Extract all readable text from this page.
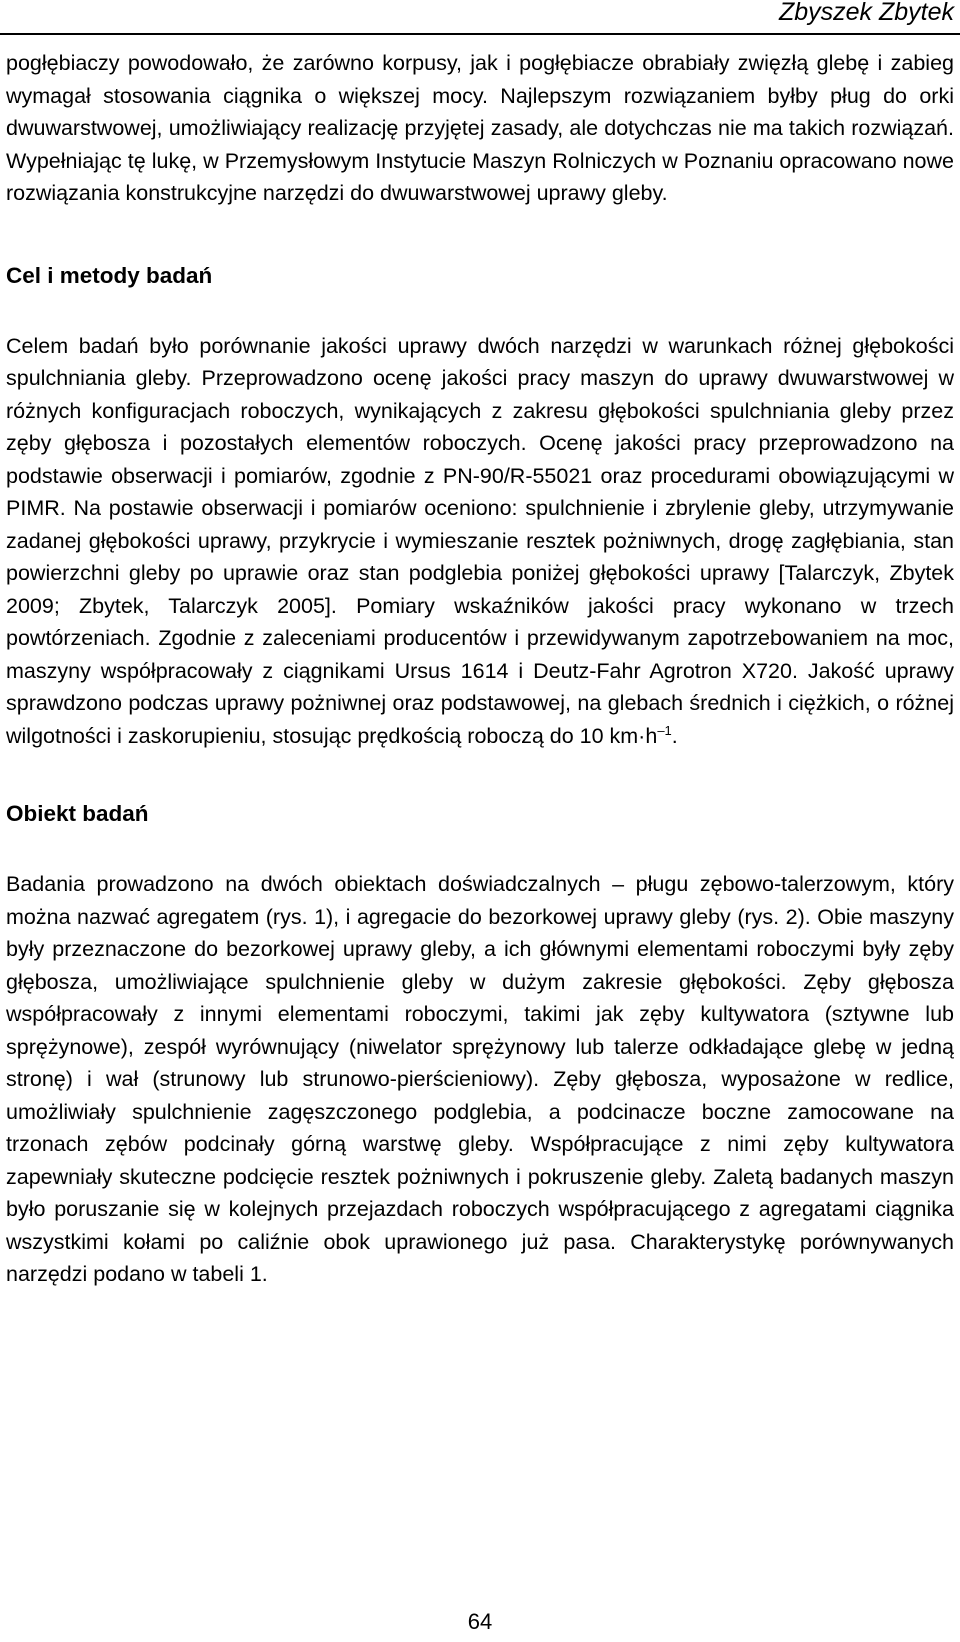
Zbyszek Zbytek

pogłębiaczy powodowało, że zarówno korpusy, jak i pogłębiacze obrabiały zwięzłą glebę i zabieg wymagał stosowania ciągnika o większej mocy. Najlepszym rozwiązaniem byłby pług do orki dwuwarstwowej, umożliwiający realizację przyjętej zasady, ale dotychczas nie ma takich rozwiązań. Wypełniając tę lukę, w Przemysłowym Instytucie Maszyn Rolniczych w Poznaniu opracowano nowe rozwiązania konstrukcyjne narzędzi do dwuwarstwowej uprawy gleby.

Cel i metody badań

Celem badań było porównanie jakości uprawy dwóch narzędzi w warunkach różnej głębokości spulchniania gleby. Przeprowadzono ocenę jakości pracy maszyn do uprawy dwuwarstwowej w różnych konfiguracjach roboczych, wynikających z zakresu głębokości spulchniania gleby przez zęby głębosza i pozostałych elementów roboczych. Ocenę jakości pracy przeprowadzono na podstawie obserwacji i pomiarów, zgodnie z PN-90/R-55021 oraz procedurami obowiązującymi w PIMR. Na postawie obserwacji i pomiarów oceniono: spulchnienie i zbrylenie gleby, utrzymywanie zadanej głębokości uprawy, przykrycie i wymieszanie resztek pożniwnych, drogę zagłębiania, stan powierzchni gleby po uprawie oraz stan podglebia poniżej głębokości uprawy [Talarczyk, Zbytek 2009; Zbytek, Talarczyk 2005]. Pomiary wskaźników jakości pracy wykonano w trzech powtórzeniach. Zgodnie z zaleceniami producentów i przewidywanym zapotrzebowaniem na moc, maszyny współpracowały z ciągnikami Ursus 1614 i Deutz-Fahr Agrotron X720. Jakość uprawy sprawdzono podczas uprawy pożniwnej oraz podstawowej, na glebach średnich i ciężkich, o różnej wilgotności i zaskorupieniu, stosując prędkością roboczą do 10 $km\cdot h^{-1}$.

Obiekt badań

Badania prowadzono na dwóch obiektach doświadczalnych – pługu zębowo-talerzowym, który można nazwać agregatem (rys. 1), i agregacie do bezorkowej uprawy gleby (rys. 2). Obie maszyny były przeznaczone do bezorkowej uprawy gleby, a ich głównymi elementami roboczymi były zęby głębosza, umożliwiające spulchnienie gleby w dużym zakresie głębokości. Zęby głębosza współpracowały z innymi elementami roboczymi, takimi jak zęby kultywatora (sztywne lub sprężynowe), zespół wyrównujący (niwelator sprężynowy lub talerze odkładające glebę w jedną stronę) i wał (strunowy lub strunowo-pierścieniowy). Zęby głębosza, wyposażone w redlice, umożliwiały spulchnienie zagęszczonego podglebia, a podcinacze boczne zamocowane na trzonach zębów podcinały górną warstwę gleby. Współpracujące z nimi zęby kultywatora zapewniały skuteczne podcięcie resztek pożniwnych i pokruszenie gleby. Zaletą badanych maszyn było poruszanie się w kolejnych przejazdach roboczych współpracującego z agregatami ciągnika wszystkimi kołami po caliźnie obok uprawionego już pasa. Charakterystykę porównywanych narzędzi podano w tabeli 1.

64
